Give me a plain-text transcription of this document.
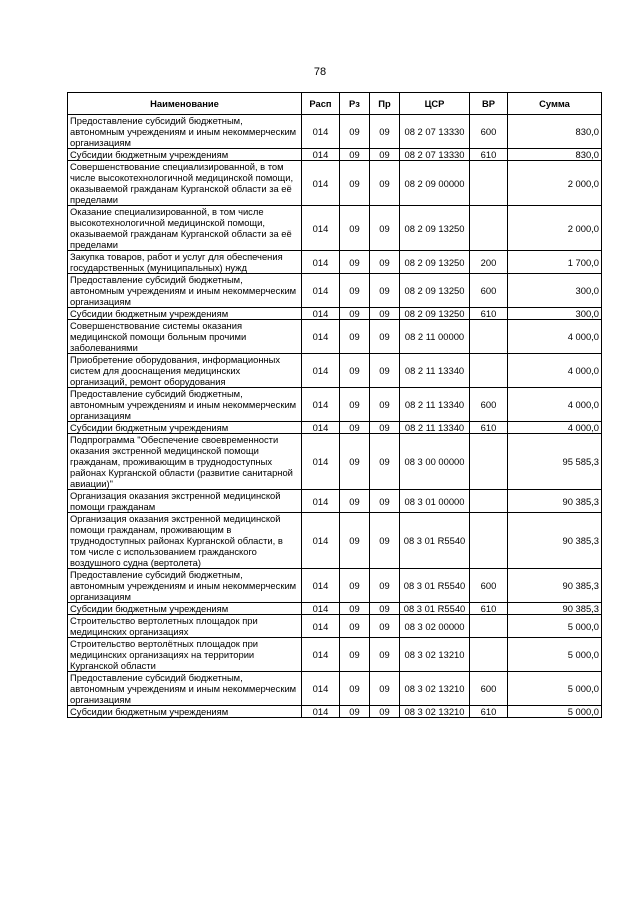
78
Наименование	Расп	Рз	Пр	ЦСР	ВР	Сумма
Предоставление субсидий бюджетным, автономным учреждениям и иным некоммерческим организациям	014	09	09	08 2 07 13330	600	830,0
Субсидии бюджетным учреждениям	014	09	09	08 2 07 13330	610	830,0
Совершенствование специализированной, в том числе высокотехнологичной медицинской помощи, оказываемой гражданам Курганской области за её пределами	014	09	09	08 2 09 00000		2 000,0
Оказание специализированной, в том числе высокотехнологичной медицинской помощи, оказываемой гражданам Курганской области за её пределами	014	09	09	08 2 09 13250		2 000,0
Закупка товаров, работ и услуг для обеспечения государственных (муниципальных) нужд	014	09	09	08 2 09 13250	200	1 700,0
Предоставление субсидий бюджетным, автономным учреждениям и иным некоммерческим организациям	014	09	09	08 2 09 13250	600	300,0
Субсидии бюджетным учреждениям	014	09	09	08 2 09 13250	610	300,0
Совершенствование системы оказания медицинской помощи больным прочими заболеваниями	014	09	09	08 2 11 00000		4 000,0
Приобретение оборудования, информационных систем для дооснащения медицинских организаций, ремонт оборудования	014	09	09	08 2 11 13340		4 000,0
Предоставление субсидий бюджетным, автономным учреждениям и иным некоммерческим организациям	014	09	09	08 2 11 13340	600	4 000,0
Субсидии бюджетным учреждениям	014	09	09	08 2 11 13340	610	4 000,0
Подпрограмма "Обеспечение своевременности оказания экстренной медицинской помощи гражданам, проживающим в труднодоступных районах Курганской области (развитие санитарной авиации)"	014	09	09	08 3 00 00000		95 585,3
Организация оказания экстренной медицинской помощи гражданам	014	09	09	08 3 01 00000		90 385,3
Организация оказания экстренной медицинской помощи гражданам, проживающим в труднодоступных районах Курганской области, в том числе с использованием гражданского воздушного судна (вертолета)	014	09	09	08 3 01 R5540		90 385,3
Предоставление субсидий бюджетным, автономным учреждениям и иным некоммерческим организациям	014	09	09	08 3 01 R5540	600	90 385,3
Субсидии бюджетным учреждениям	014	09	09	08 3 01 R5540	610	90 385,3
Строительство вертолетных площадок при медицинских организациях	014	09	09	08 3 02 00000		5 000,0
Строительство вертолётных площадок при медицинских организациях на территории Курганской области	014	09	09	08 3 02 13210		5 000,0
Предоставление субсидий бюджетным, автономным учреждениям и иным некоммерческим организациям	014	09	09	08 3 02 13210	600	5 000,0
Субсидии бюджетным учреждениям	014	09	09	08 3 02 13210	610	5 000,0
